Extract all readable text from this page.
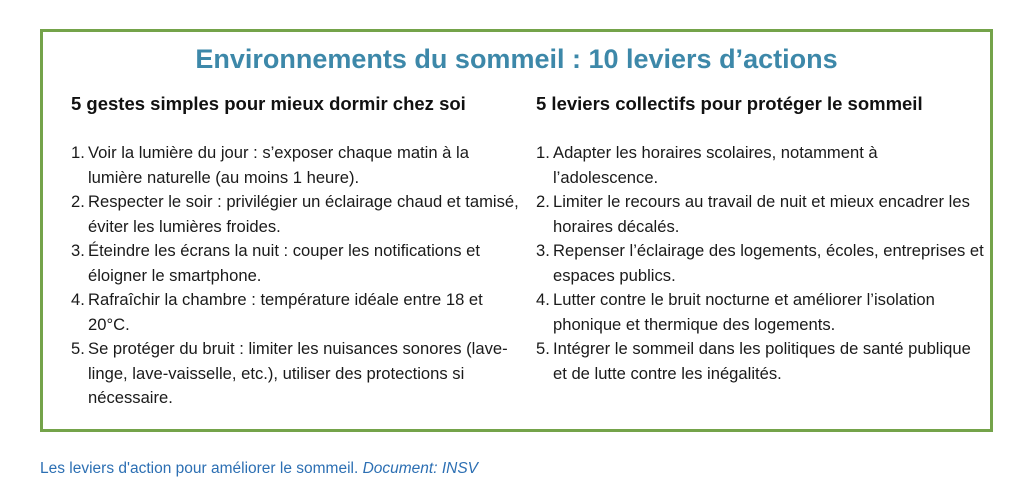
Environnements du sommeil : 10 leviers d’actions
5 gestes simples pour mieux dormir chez soi
1. Voir la lumière du jour : s’exposer chaque matin à la lumière naturelle (au moins 1 heure).
2. Respecter le soir : privilégier un éclairage chaud et tamisé, éviter les lumières froides.
3. Éteindre les écrans la nuit : couper les notifications et éloigner le smartphone.
4. Rafraîchir la chambre : température idéale entre 18 et 20°C.
5. Se protéger du bruit : limiter les nuisances sonores (lave-linge, lave-vaisselle, etc.), utiliser des protections si nécessaire.
5 leviers collectifs pour protéger le sommeil
1. Adapter les horaires scolaires, notamment à l’adolescence.
2. Limiter le recours au travail de nuit et mieux encadrer les horaires décalés.
3. Repenser l’éclairage des logements, écoles, entreprises et espaces publics.
4. Lutter contre le bruit nocturne et améliorer l’isolation phonique et thermique des logements.
5. Intégrer le sommeil dans les politiques de santé publique et de lutte contre les inégalités.
Les leviers d'action pour améliorer le sommeil. Document: INSV
